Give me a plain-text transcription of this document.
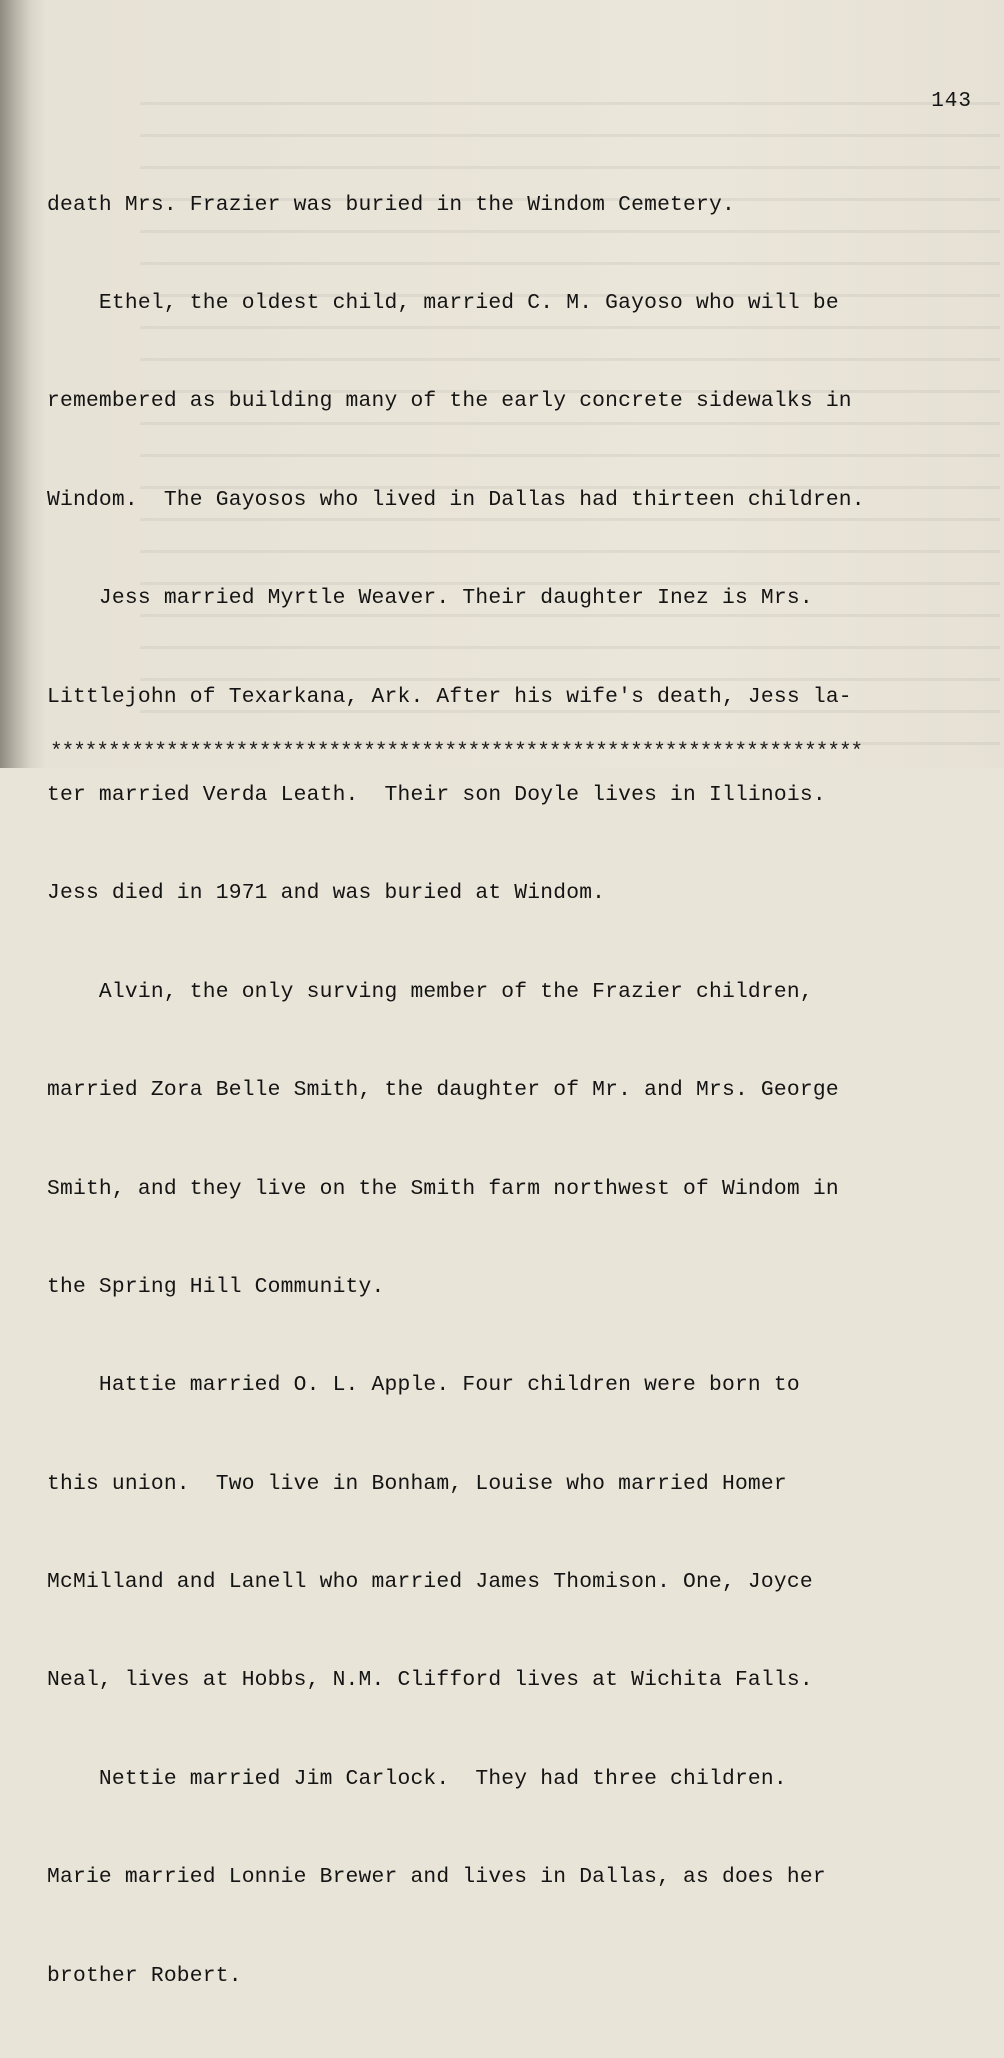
143

death Mrs. Frazier was buried in the Windom Cemetery.

Ethel, the oldest child, married C. M. Gayoso who will be

remembered as building many of the early concrete sidewalks in

Windom.  The Gayosos who lived in Dallas had thirteen children.

Jess married Myrtle Weaver. Their daughter Inez is Mrs.

Littlejohn of Texarkana, Ark. After his wife's death, Jess la-

ter married Verda Leath.  Their son Doyle lives in Illinois.

Jess died in 1971 and was buried at Windom.

Alvin, the only surving member of the Frazier children,

married Zora Belle Smith, the daughter of Mr. and Mrs. George

Smith, and they live on the Smith farm northwest of Windom in

the Spring Hill Community.

Hattie married O. L. Apple. Four children were born to

this union.  Two live in Bonham, Louise who married Homer

McMilland and Lanell who married James Thomison. One, Joyce

Neal, lives at Hobbs, N.M. Clifford lives at Wichita Falls.

Nettie married Jim Carlock.  They had three children.

Marie married Lonnie Brewer and lives in Dallas, as does her

brother Robert.

**********************************************************************
